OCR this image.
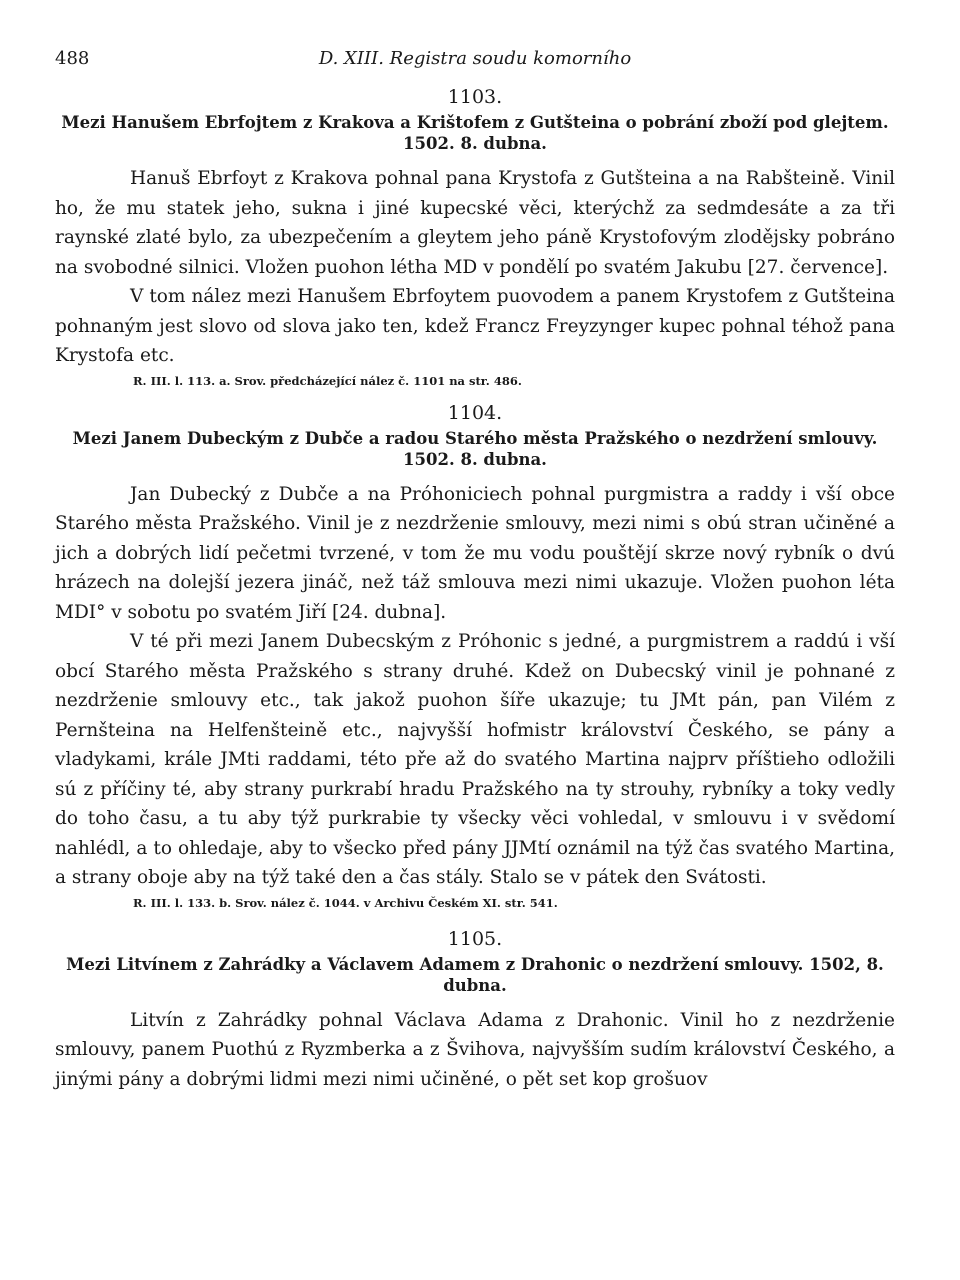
488	D. XIII. Registra soudu komorního
1103.
Mezi Hanušem Ebrfojtem z Krakova a Krištofem z Gutšteina o pobrání zboží pod glejtem.
1502. 8. dubna.

Hanuš Ebrfoyt z Krakova pohnal pana Krystofa z Gutšteina a na Rabšteině. Vinil ho, že mu statek jeho, sukna i jiné kupecské věci, kterýchž za sedmdesáte a za tři raynské zlaté bylo, za ubezpečením a gleytem jeho páně Krystofovým zlodějsky pobráno na svobodné silnici. Vložen puohon létha MD v pondělí po svatém Jakubu [27. července].

V tom nález mezi Hanušem Ebrfoytem puovodem a panem Krystofem z Gutšteina pohnaným jest slovo od slova jako ten, kdež Francz Freyzynger kupec pohnal téhož pana Krystofa etc.

R. III. l. 113. a. Srov. předcházející nález č. 1101 na str. 486.
1104.
Mezi Janem Dubeckým z Dubče a radou Starého města Pražského o nezdržení smlouvy.
1502. 8. dubna.

Jan Dubecký z Dubče a na Próhoniciech pohnal purgmistra a raddy i vší obce Starého města Pražského. Vinil je z nezdrženie smlouvy, mezi nimi s obú stran učiněné a jich a dobrých lidí pečetmi tvrzené, v tom že mu vodu pouštějí skrze nový rybník o dvú hrázech na dolejší jezera jináč, než táž smlouva mezi nimi ukazuje. Vložen puohon léta MDI° v sobotu po svatém Jiří [24. dubna].

V té při mezi Janem Dubecským z Próhonic s jedné, a purgmistrem a raddú i vší obcí Starého města Pražského s strany druhé. Kdež on Dubecský vinil je pohnané z nezdrženie smlouvy etc., tak jakož puohon šíře ukazuje; tu JMt pán, pan Vilém z Pernšteina na Helfenšteině etc., najvyšší hofmistr království Českého, se pány a vladykami, krále JMti raddami, této pře až do svatého Martina najprv příštieho odložili sú z příčiny té, aby strany purkrabí hradu Pražského na ty strouhy, rybníky a toky vedly do toho času, a tu aby týž purkrabie ty všecky věci vohledal, v smlouvu i v svědomí nahlédl, a to ohledaje, aby to všecko před pány JJMtí oznámil na týž čas svatého Martina, a strany oboje aby na týž také den a čas stály. Stalo se v pátek den Svátosti.

R. III. l. 133. b. Srov. nález č. 1044. v Archivu Českém XI. str. 541.
1105.
Mezi Litvínem z Zahrádky a Václavem Adamem z Drahonic o nezdržení smlouvy. 1502, 8. dubna.

Litvín z Zahrádky pohnal Václava Adama z Drahonic. Vinil ho z nezdrženie smlouvy, panem Puothú z Ryzmberka a z Švihova, najvyšším sudím království Českého, a jinými pány a dobrými lidmi mezi nimi učiněné, o pět set kop grošuov
